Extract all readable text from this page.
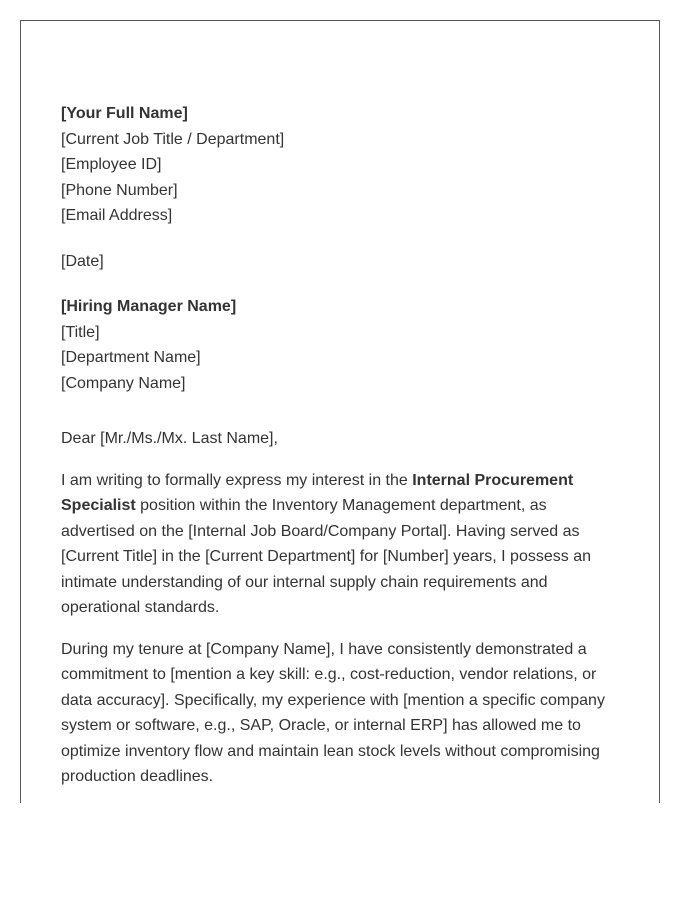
[Your Full Name]
[Current Job Title / Department]
[Employee ID]
[Phone Number]
[Email Address]
[Date]
[Hiring Manager Name]
[Title]
[Department Name]
[Company Name]
Dear [Mr./Ms./Mx. Last Name],
I am writing to formally express my interest in the Internal Procurement
Specialist position within the Inventory Management department, as
advertised on the [Internal Job Board/Company Portal]. Having served as
[Current Title] in the [Current Department] for [Number] years, I possess an
intimate understanding of our internal supply chain requirements and
operational standards.
During my tenure at [Company Name], I have consistently demonstrated a
commitment to [mention a key skill: e.g., cost-reduction, vendor relations, or
data accuracy]. Specifically, my experience with [mention a specific company
system or software, e.g., SAP, Oracle, or internal ERP] has allowed me to
optimize inventory flow and maintain lean stock levels without compromising
production deadlines.
